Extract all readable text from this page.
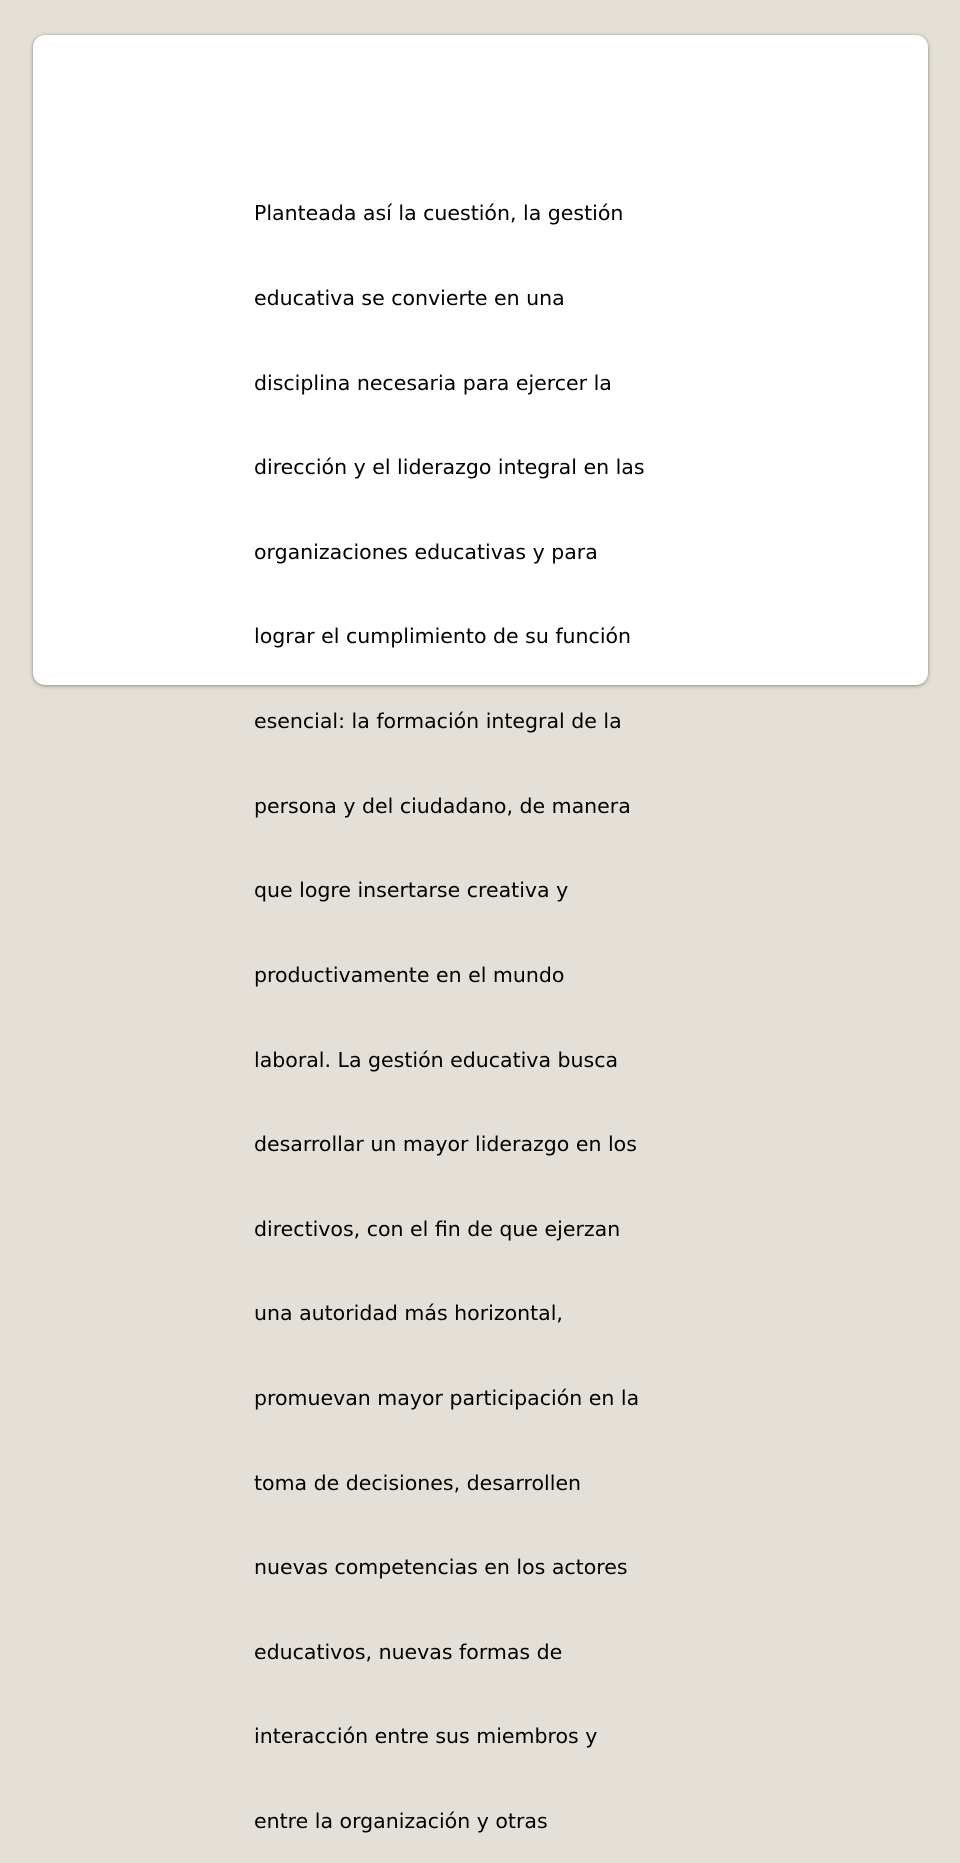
Planteada así la cuestión, la gestión

educativa se convierte en una

disciplina necesaria para ejercer la

dirección y el liderazgo integral en las

organizaciones educativas y para

lograr el cumplimiento de su función

esencial: la formación integral de la

persona y del ciudadano, de manera

que logre insertarse creativa y

productivamente en el mundo

laboral. La gestión educativa busca

desarrollar un mayor liderazgo en los

directivos, con el fin de que ejerzan

una autoridad más horizontal,

promuevan mayor participación en la

toma de decisiones, desarrollen

nuevas competencias en los actores

educativos, nuevas formas de

interacción entre sus miembros y

entre la organización y otras
